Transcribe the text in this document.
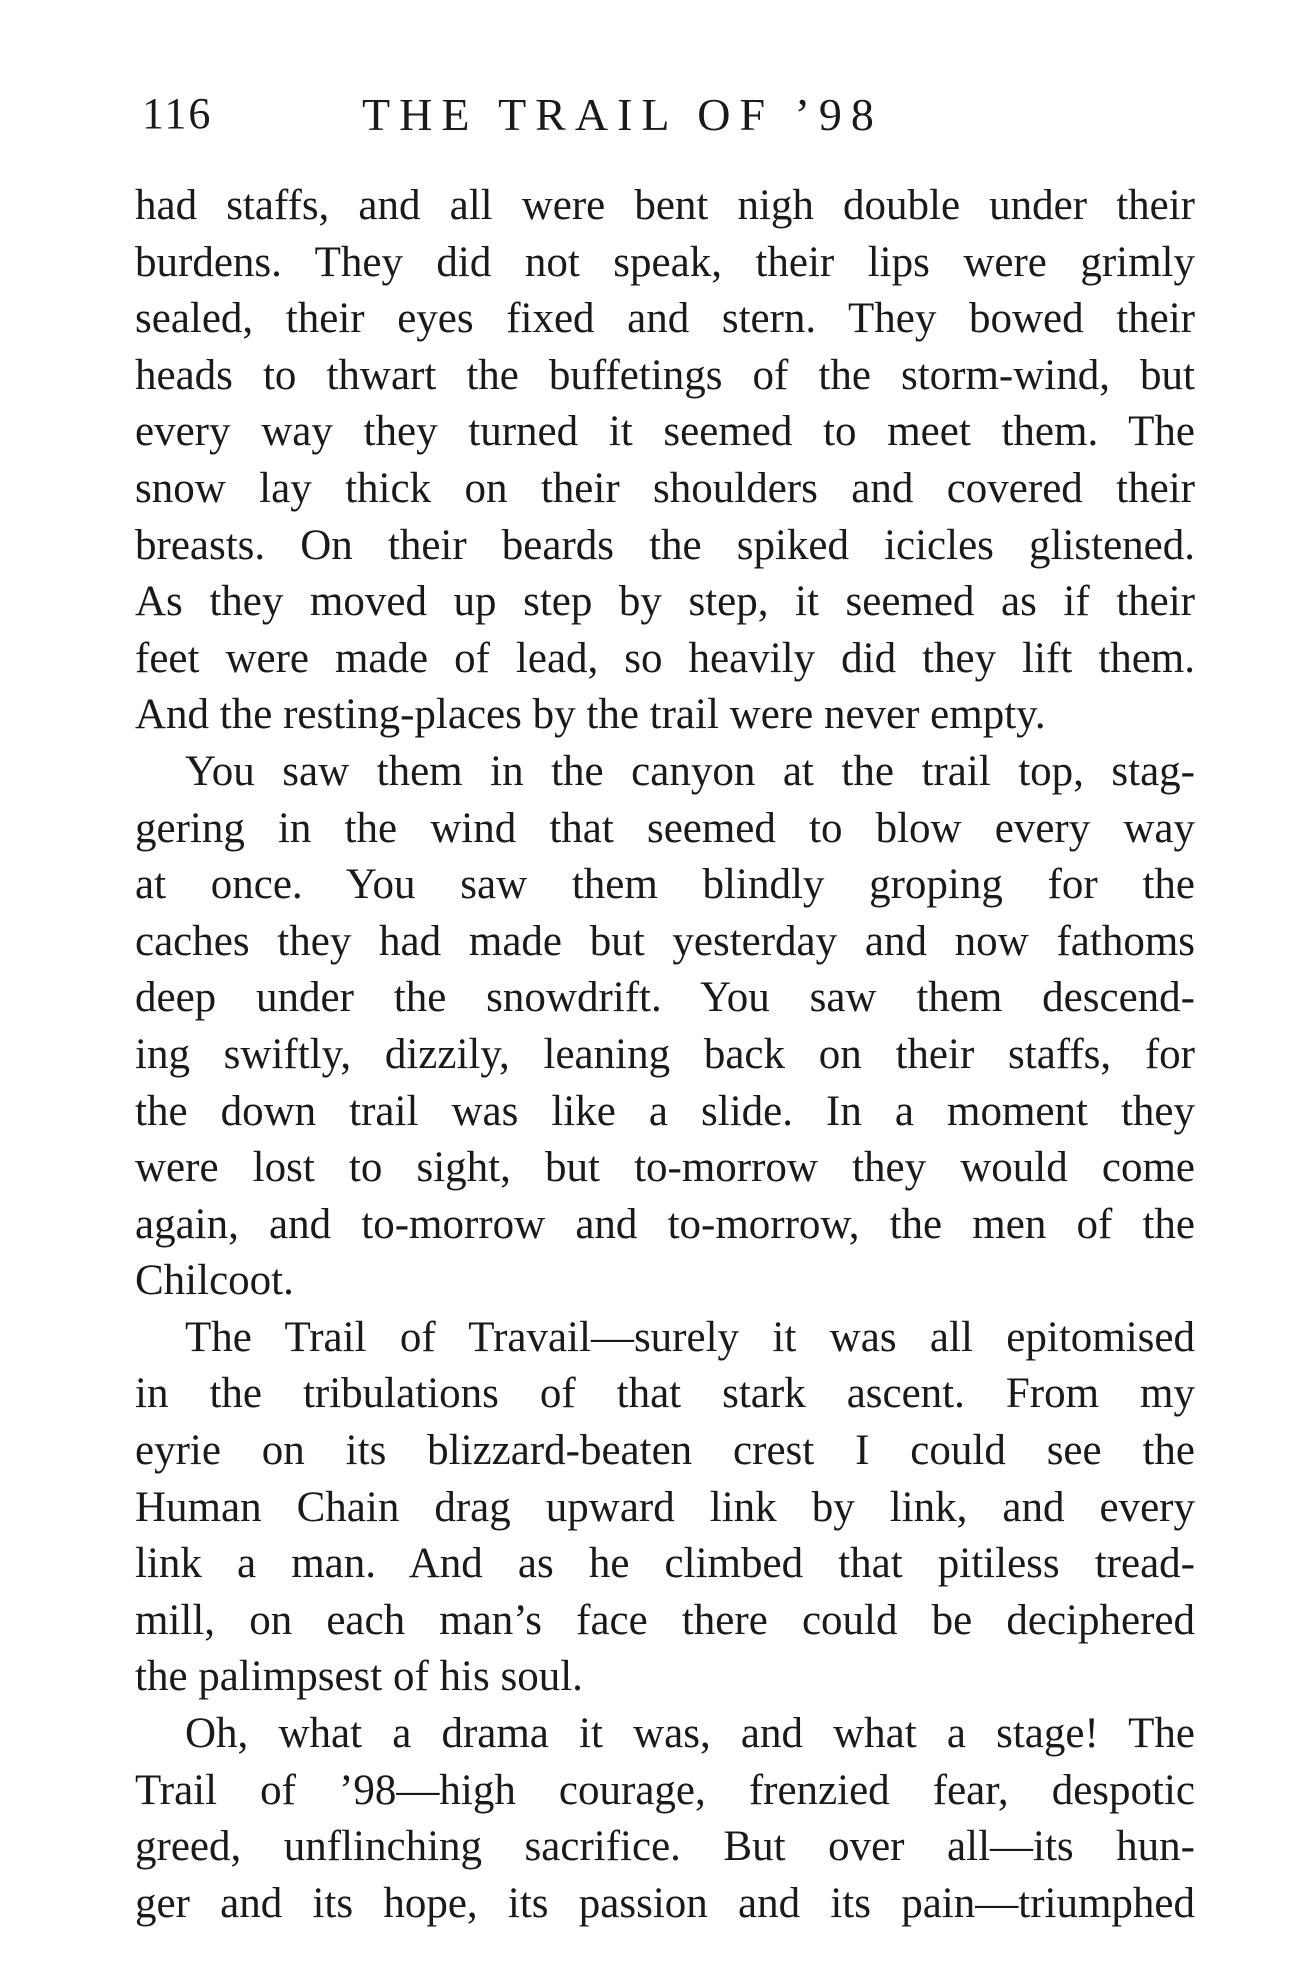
116	THE TRAIL OF ’98
had staffs, and all were bent nigh double under their
burdens. They did not speak, their lips were grimly
sealed, their eyes fixed and stern. They bowed their
heads to thwart the buffetings of the storm-wind, but
every way they turned it seemed to meet them. The
snow lay thick on their shoulders and covered their
breasts. On their beards the spiked icicles glistened.
As they moved up step by step, it seemed as if their
feet were made of lead, so heavily did they lift them.
And the resting-places by the trail were never empty.
You saw them in the canyon at the trail top, stag-
gering in the wind that seemed to blow every way
at once. You saw them blindly groping for the
caches they had made but yesterday and now fathoms
deep under the snowdrift. You saw them descend-
ing swiftly, dizzily, leaning back on their staffs, for
the down trail was like a slide. In a moment they
were lost to sight, but to-morrow they would come
again, and to-morrow and to-morrow, the men of the
Chilcoot.
The Trail of Travail—surely it was all epitomised
in the tribulations of that stark ascent. From my
eyrie on its blizzard-beaten crest I could see the
Human Chain drag upward link by link, and every
link a man. And as he climbed that pitiless tread-
mill, on each man’s face there could be deciphered
the palimpsest of his soul.
Oh, what a drama it was, and what a stage! The
Trail of ’98—high courage, frenzied fear, despotic
greed, unflinching sacrifice. But over all—its hun-
ger and its hope, its passion and its pain—triumphed
